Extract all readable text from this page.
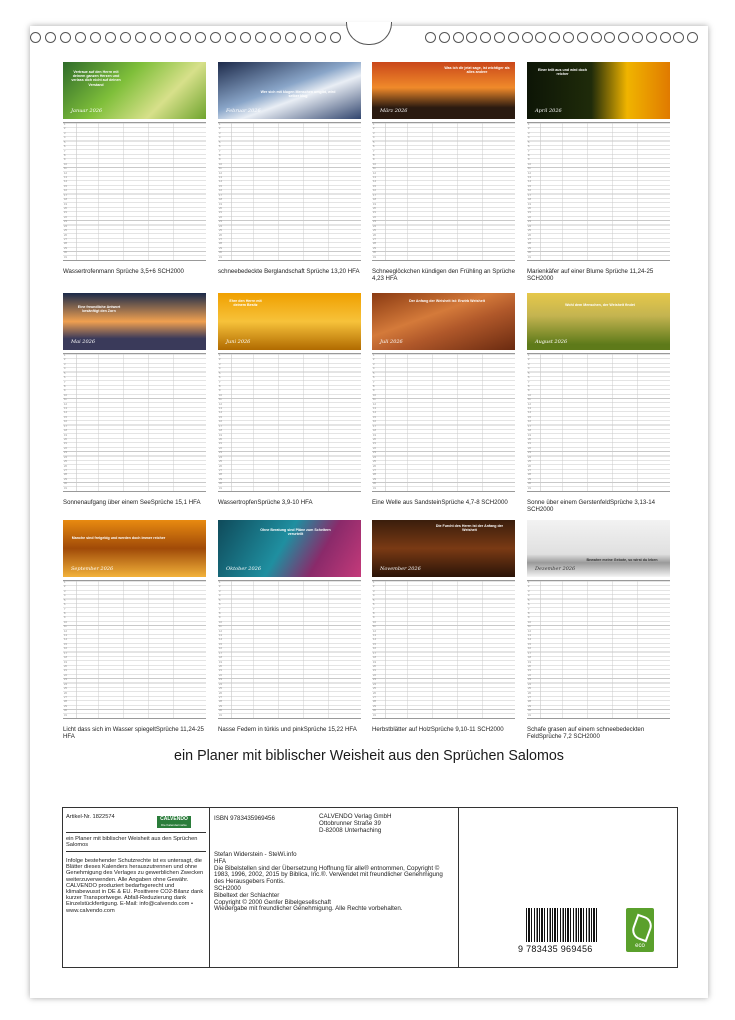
Vertraue auf den Herrn mit deinem ganzen Herzen und verlass dich nicht auf deinen Verstand
Januar 2026
1
2
3
4
5
6
7
8
9
10
11
12
13
14
15
16
17
18
19
20
21
22
23
24
25
26
27
28
29
30
31

Wassertrofenmann Sprüche 3,5+6 SCH2000
Wer sich mit klugen Menschen umgibt, wird selber klug
Februar 2026
1
2
3
4
5
6
7
8
9
10
11
12
13
14
15
16
17
18
19
20
21
22
23
24
25
26
27
28
29
30
31

schneebedeckte Berglandschaft Sprüche 13,20 HFA
Was ich dir jetzt sage, ist wichtiger als alles andere
März 2026
1
2
3
4
5
6
7
8
9
10
11
12
13
14
15
16
17
18
19
20
21
22
23
24
25
26
27
28
29
30
31

Schneeglöckchen kündigen den Frühling an Sprüche 4,23 HFA
Einer teilt aus und wird doch reicher
April 2026
1
2
3
4
5
6
7
8
9
10
11
12
13
14
15
16
17
18
19
20
21
22
23
24
25
26
27
28
29
30
31

Marienkäfer auf einer Blume Sprüche 11,24-25 SCH2000
Eine freundliche Antwort besänftigt den Zorn
Mai 2026
1
2
3
4
5
6
7
8
9
10
11
12
13
14
15
16
17
18
19
20
21
22
23
24
25
26
27
28
29
30
31

Sonnenaufgang über einem SeeSprüche 15,1 HFA
Ehre den Herrn mit deinem Besitz
Juni 2026
1
2
3
4
5
6
7
8
9
10
11
12
13
14
15
16
17
18
19
20
21
22
23
24
25
26
27
28
29
30
31

WassertropfenSprüche 3,9-10 HFA
Der Anfang der Weisheit ist: Erwirb Weisheit
Juli 2026
1
2
3
4
5
6
7
8
9
10
11
12
13
14
15
16
17
18
19
20
21
22
23
24
25
26
27
28
29
30
31

Eine Welle aus SandsteinSprüche 4,7-8 SCH2000
Wohl dem Menschen, der Weisheit findet
August 2026
1
2
3
4
5
6
7
8
9
10
11
12
13
14
15
16
17
18
19
20
21
22
23
24
25
26
27
28
29
30
31

Sonne über einem GerstenfeldSprüche 3,13-14 SCH2000
Manche sind freigebig und werden doch immer reicher
September 2026
1
2
3
4
5
6
7
8
9
10
11
12
13
14
15
16
17
18
19
20
21
22
23
24
25
26
27
28
29
30
31

Licht dass sich im Wasser spiegeltSprüche 11,24-25 HFA
Ohne Beratung sind Pläne zum Scheitern verurteilt
Oktober 2026
1
2
3
4
5
6
7
8
9
10
11
12
13
14
15
16
17
18
19
20
21
22
23
24
25
26
27
28
29
30
31

Nasse Federn in türkis und pinkSprüche 15,22 HFA
Die Furcht des Herrn ist der Anfang der Weisheit
November 2026
1
2
3
4
5
6
7
8
9
10
11
12
13
14
15
16
17
18
19
20
21
22
23
24
25
26
27
28
29
30
31

Herbstblätter auf HolzSprüche 9,10-11 SCH2000
Bewahre meine Gebote, so wirst du leben
Dezember 2026
1
2
3
4
5
6
7
8
9
10
11
12
13
14
15
16
17
18
19
20
21
22
23
24
25
26
27
28
29
30
31

Schafe grasen auf einem schneebedeckten FeldSprüche 7,2 SCH2000
ein Planer mit biblischer Weisheit aus den Sprüchen Salomos
Artikel-Nr. 1822574	CALVENDO
Die Kalendermarke
ein Planer mit biblischer Weisheit aus den Sprüchen Salomos
Infolge bestehender Schutzrechte ist es untersagt, die Blätter dieses Kalenders herauszutrennen und ohne Genehmigung des Verlages zu gewerblichen Zwecken weiterzuverwenden. Alle Angaben ohne Gewähr. CALVENDO produziert bedarfsgerecht und klimabewusst in DE & EU. Positivere CO2-Bilanz dank kurzer Transportwege. Abfall-Reduzierung dank Einzelstückfertigung. E-Mail: info@calvendo.com • www.calvendo.com
ISBN 9783435969456	CALVENDO Verlag GmbH
Ottobrunner Straße 39
D-82008 Unterhaching
Stefan Widerstein - SteWi.info
HFA
Die Bibelstellen sind der Übersetzung Hoffnung für alle® entnommen, Copyright © 1983, 1996, 2002, 2015 by Biblica, Inc.®. Verwendet mit freundlicher Genehmigung des Herausgebers Fontis.
SCH2000
Bibeltext der Schlachter
Copyright © 2000 Genfer Bibelgesellschaft
Wiedergabe mit freundlicher Genehmigung. Alle Rechte vorbehalten.
9 783435 969456	eco
